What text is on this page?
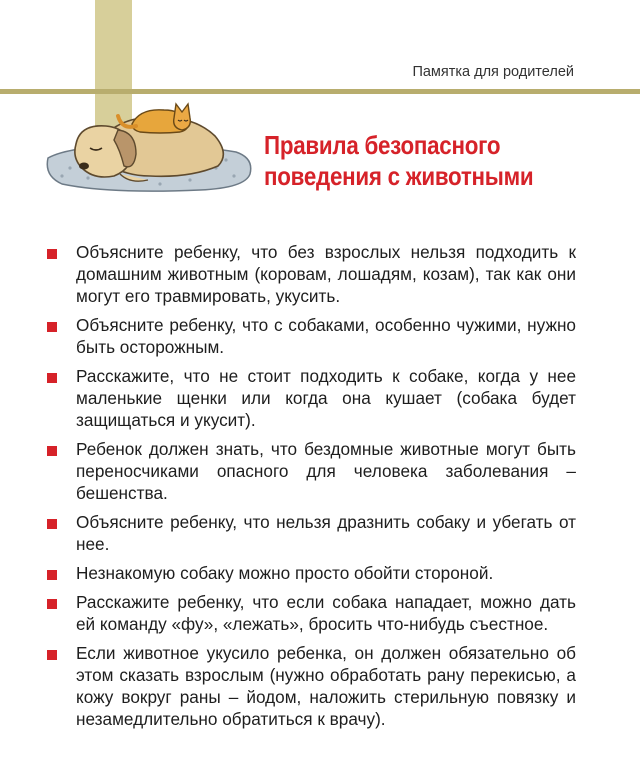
Памятка для родителей
Правила безопасного
поведения с животными
Объясните ребенку, что без взрослых нельзя подходить к домашним животным (коровам, лошадям, козам), так как они могут его травмировать, укусить.
Объясните ребенку, что с собаками, особенно чужими, нужно быть осторожным.
Расскажите, что не стоит подходить к собаке, когда у нее маленькие щенки или когда она кушает (собака будет защищаться и укусит).
Ребенок должен знать, что бездомные животные могут быть переносчиками опасного для человека заболевания – бешенства.
Объясните ребенку, что нельзя дразнить собаку и убегать от нее.
Незнакомую собаку можно просто обойти стороной.
Расскажите ребенку, что если собака нападает, можно дать ей команду «фу», «лежать», бросить что-нибудь съестное.
Если животное укусило ребенка, он должен обязательно об этом сказать взрослым (нужно обработать рану перекисью, а кожу вокруг раны – йодом, наложить стерильную повязку и незамедлительно обратиться к врачу).
